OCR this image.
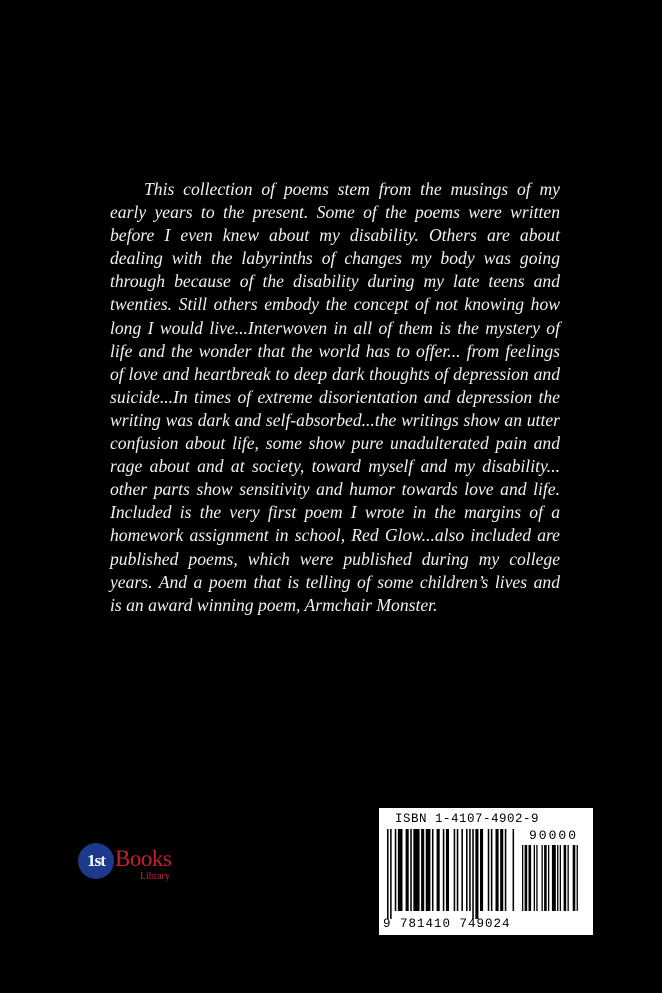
This collection of poems stem from the musings of my
early years to the present. Some of the poems were written
before I even knew about my disability. Others are about
dealing with the labyrinths of changes my body was going
through because of the disability during my late teens and
twenties. Still others embody the concept of not knowing how
long I would live...Interwoven in all of them is the mystery of
life and the wonder that the world has to offer... from feelings
of love and heartbreak to deep dark thoughts of depression and
suicide...In times of extreme disorientation and depression the
writing was dark and self-absorbed...the writings show an utter
confusion about life, some show pure unadulterated pain and
rage about and at society, toward myself and my disability...
other parts show sensitivity and humor towards love and life.
Included is the very first poem I wrote in the margins of a
homework assignment in school, Red Glow...also included are
published poems, which were published during my college
years. And a poem that is telling of some children’s lives and
is an award winning poem, Armchair Monster.
1st Books
Library
ISBN 1-4107-4902-9
90000
9 781410 749024
